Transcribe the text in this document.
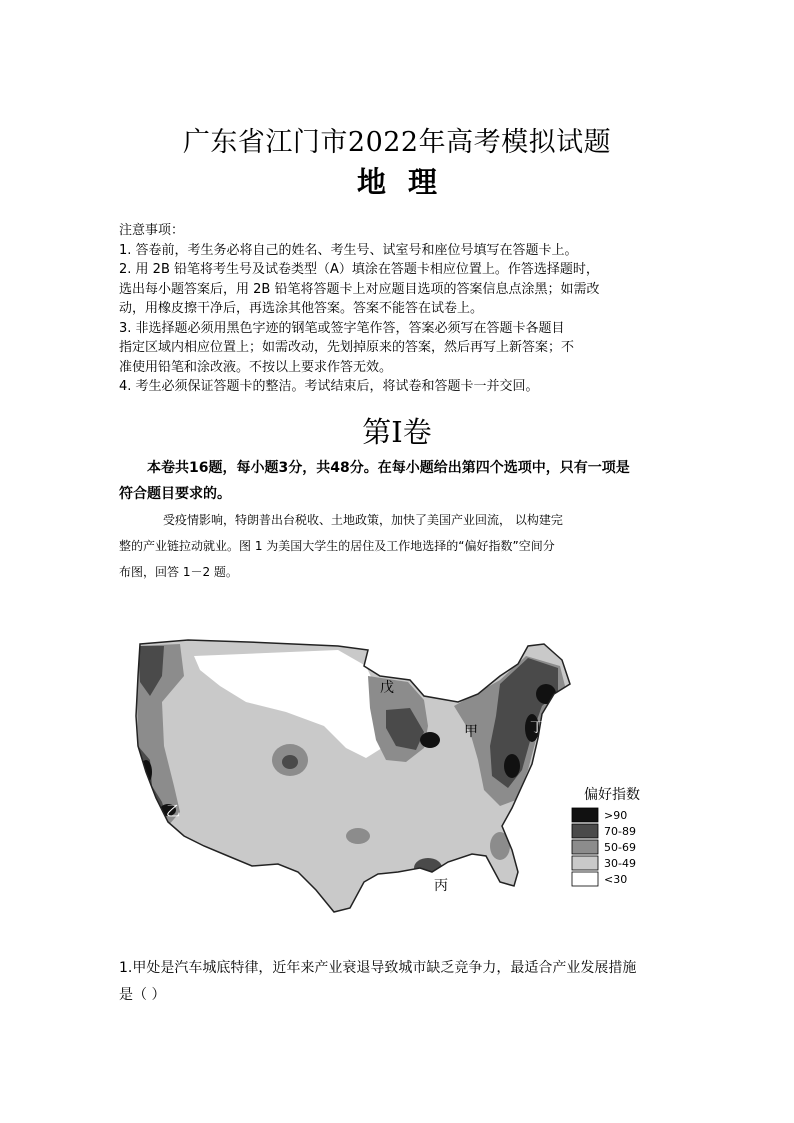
广东省江门市2022年高考模拟试题
地理
注意事项：
1. 答卷前，考生务必将自己的姓名、考生号、试室号和座位号填写在答题卡上。
2. 用 2B 铅笔将考生号及试卷类型（A）填涂在答题卡相应位置上。作答选择题时，
选出每小题答案后，用 2B 铅笔将答题卡上对应题目选项的答案信息点涂黑；如需改
动，用橡皮擦干净后，再选涂其他答案。答案不能答在试卷上。
3. 非选择题必须用黑色字迹的钢笔或签字笔作答，答案必须写在答题卡各题目
指定区域内相应位置上；如需改动，先划掉原来的答案，然后再写上新答案；不
准使用铅笔和涂改液。不按以上要求作答无效。
4. 考生必须保证答题卡的整洁。考试结束后，将试卷和答题卡一并交回。
第Ⅰ卷
本卷共16题，每小题3分，共48分。在每小题给出第四个选项中，只有一项是
符合题目要求的。
受疫情影响，特朗普出台税收、土地政策，加快了美国产业回流， 以构建完
整的产业链拉动就业。图 1 为美国大学生的居住及工作地选择的“偏好指数”空间分
布图，回答 1－2 题。
戊
甲	丁
乙
丙
偏好指数
>90
70-89
50-69
30-49
<30
1.甲处是汽车城底特律，近年来产业衰退导致城市缺乏竞争力，最适合产业发展措施
是（ ）
